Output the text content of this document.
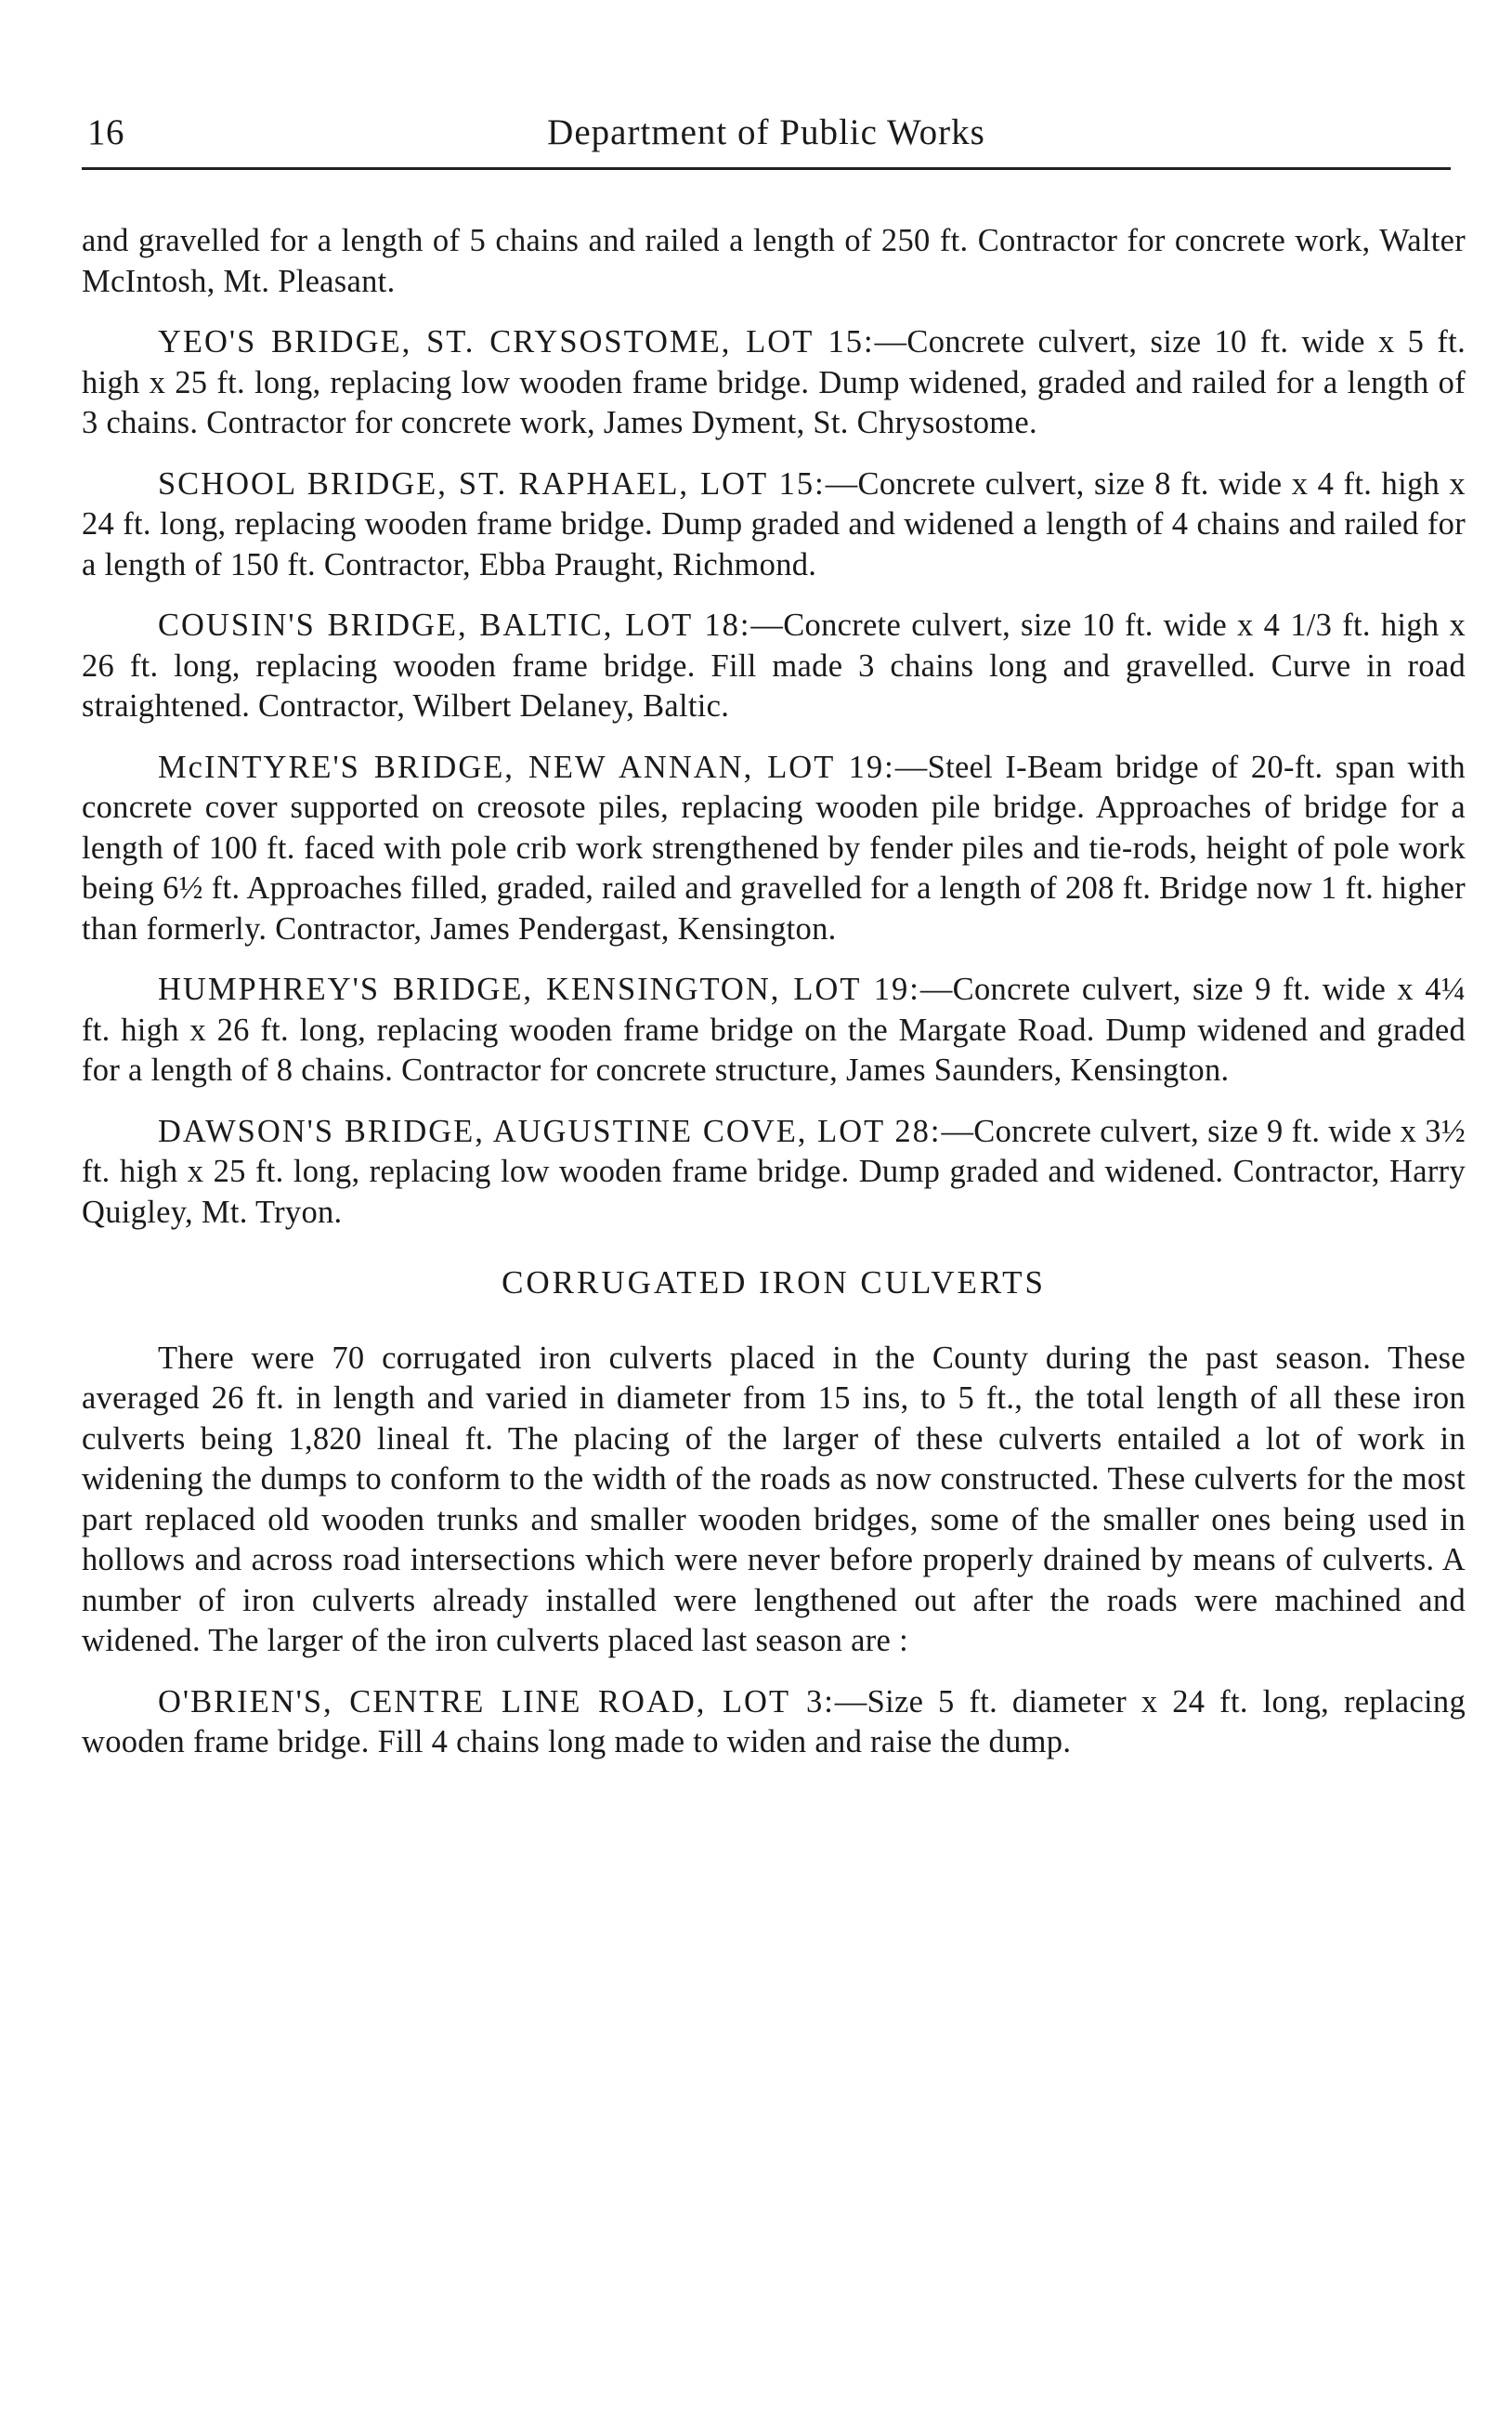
16	Department of Public Works

and gravelled for a length of 5 chains and railed a length of 250 ft. Contractor for concrete work, Walter McIntosh, Mt. Pleasant.

YEO'S BRIDGE, ST. CRYSOSTOME, LOT 15:—Concrete culvert, size 10 ft. wide x 5 ft. high x 25 ft. long, replacing low wooden frame bridge. Dump widened, graded and railed for a length of 3 chains. Contractor for concrete work, James Dyment, St. Chrysostome.

SCHOOL BRIDGE, ST. RAPHAEL, LOT 15:—Concrete culvert, size 8 ft. wide x 4 ft. high x 24 ft. long, replacing wooden frame bridge. Dump graded and widened a length of 4 chains and railed for a length of 150 ft. Contractor, Ebba Praught, Richmond.

COUSIN'S BRIDGE, BALTIC, LOT 18:—Concrete culvert, size 10 ft. wide x 4 1/3 ft. high x 26 ft. long, replacing wooden frame bridge. Fill made 3 chains long and gravelled. Curve in road straightened. Contractor, Wilbert Delaney, Baltic.

McINTYRE'S BRIDGE, NEW ANNAN, LOT 19:—Steel I-Beam bridge of 20-ft. span with concrete cover supported on creosote piles, replacing wooden pile bridge. Approaches of bridge for a length of 100 ft. faced with pole crib work strengthened by fender piles and tie-rods, height of pole work being 6½ ft. Approaches filled, graded, railed and gravelled for a length of 208 ft. Bridge now 1 ft. higher than formerly. Contractor, James Pendergast, Kensington.

HUMPHREY'S BRIDGE, KENSINGTON, LOT 19:—Concrete culvert, size 9 ft. wide x 4¼ ft. high x 26 ft. long, replacing wooden frame bridge on the Margate Road. Dump widened and graded for a length of 8 chains. Contractor for concrete structure, James Saunders, Kensington.

DAWSON'S BRIDGE, AUGUSTINE COVE, LOT 28:—Concrete culvert, size 9 ft. wide x 3½ ft. high x 25 ft. long, replacing low wooden frame bridge. Dump graded and widened. Contractor, Harry Quigley, Mt. Tryon.

CORRUGATED IRON CULVERTS

There were 70 corrugated iron culverts placed in the County during the past season. These averaged 26 ft. in length and varied in diameter from 15 ins, to 5 ft., the total length of all these iron culverts being 1,820 lineal ft. The placing of the larger of these culverts entailed a lot of work in widening the dumps to conform to the width of the roads as now constructed. These culverts for the most part replaced old wooden trunks and smaller wooden bridges, some of the smaller ones being used in hollows and across road intersections which were never before properly drained by means of culverts. A number of iron culverts already installed were lengthened out after the roads were machined and widened. The larger of the iron culverts placed last season are :

O'BRIEN'S, CENTRE LINE ROAD, LOT 3:—Size 5 ft. diameter x 24 ft. long, replacing wooden frame bridge. Fill 4 chains long made to widen and raise the dump.
